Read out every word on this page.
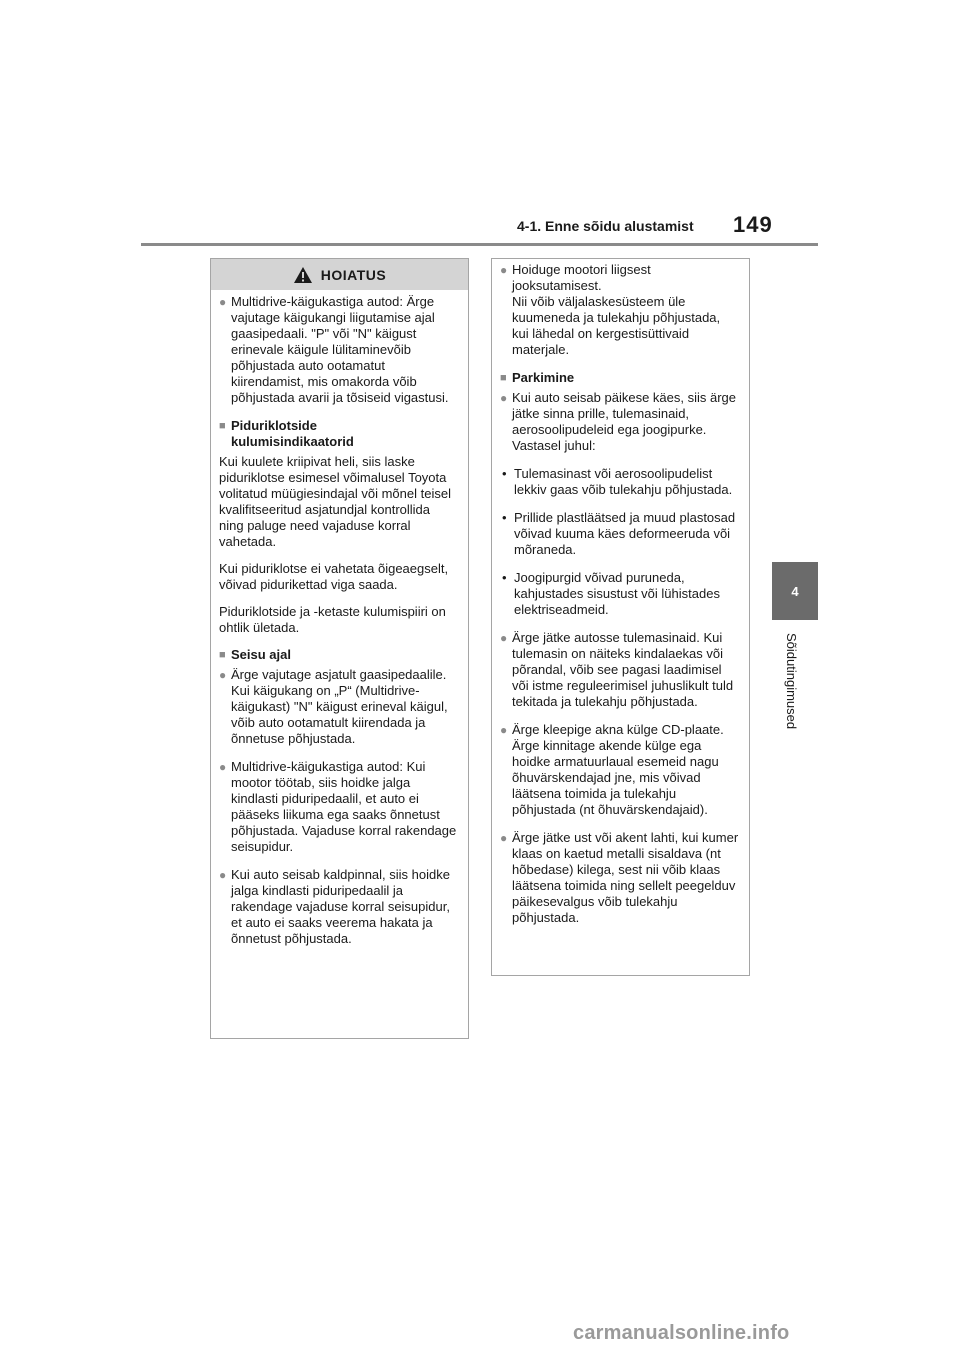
4-1. Enne sõidu alustamist 149
4
Sõidutingimused
HOIATUS
● Multidrive-käigukastiga autod: Ärge vajutage käigukangi liigutamise ajal gaasipedaali. "P" või "N" käigust erinevale käigule lülitaminevõib põhjustada auto ootamatut kiirendamist, mis omakorda võib põhjustada avarii ja tõsiseid vigastusi.
■ Piduriklotside
kulumisindikaatorid
Kui kuulete kriipivat heli, siis laske piduriklotse esimesel võimalusel Toyota volitatud müügiesindajal või mõnel teisel kvalifitseeritud asjatundjal kontrollida ning paluge need vajaduse korral vahetada.
Kui piduriklotse ei vahetata õigeaegselt, võivad pidurikettad viga saada.
Piduriklotside ja -ketaste kulumispiiri on ohtlik ületada.
■ Seisu ajal
● Ärge vajutage asjatult gaasipedaalile.
Kui käigukang on „P“ (Multidrive-käigukast) "N" käigust erineval käigul, võib auto ootamatult kiirendada ja õnnetuse põhjustada.
● Multidrive-käigukastiga autod: Kui mootor töötab, siis hoidke jalga kindlasti piduripedaalil, et auto ei pääseks liikuma ega saaks õnnetust põhjustada. Vajaduse korral rakendage seisupidur.
● Kui auto seisab kaldpinnal, siis hoidke jalga kindlasti piduripedaalil ja rakendage vajaduse korral seisupidur, et auto ei saaks veerema hakata ja õnnetust põhjustada.
● Hoiduge mootori liigsest jooksutamisest.
Nii võib väljalaskesüsteem üle kuumeneda ja tulekahju põhjustada, kui lähedal on kergestisüttivaid materjale.
■ Parkimine
● Kui auto seisab päikese käes, siis ärge jätke sinna prille, tulemasinaid, aerosoolipudeleid ega joogipurke. Vastasel juhul:
• Tulemasinast või aerosoolipudelist lekkiv gaas võib tulekahju põhjustada.
• Prillide plastläätsed ja muud plastosad võivad kuuma käes deformeeruda või mõraneda.
• Joogipurgid võivad puruneda, kahjustades sisustust või lühistades elektriseadmeid.
● Ärge jätke autosse tulemasinaid. Kui tulemasin on näiteks kindalaekas või põrandal, võib see pagasi laadimisel või istme reguleerimisel juhuslikult tuld tekitada ja tulekahju põhjustada.
● Ärge kleepige akna külge CD-plaate. Ärge kinnitage akende külge ega hoidke armatuurlaual esemeid nagu õhuvärskendajad jne, mis võivad läätsena toimida ja tulekahju põhjustada (nt õhuvärskendajaid).
● Ärge jätke ust või akent lahti, kui kumer klaas on kaetud metalli sisaldava (nt hõbedase) kilega, sest nii võib klaas läätsena toimida ning sellelt peegelduv päikesevalgus võib tulekahju põhjustada.
carmanualsonline.info
